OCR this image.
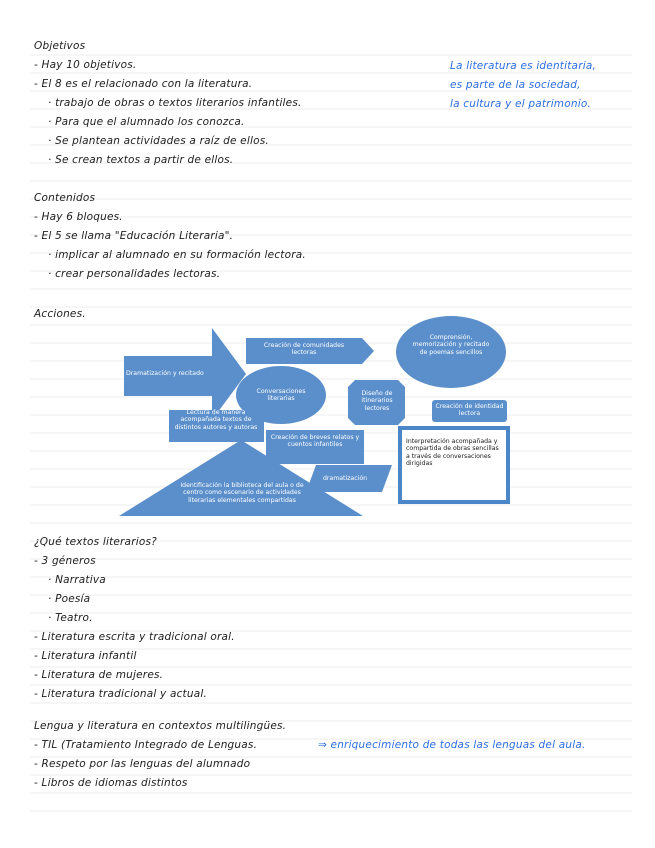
Objetivos
- Hay 10 objetivos.
- El 8 es el relacionado con la literatura.
· trabajo de obras o textos literarios infantiles.
· Para que el alumnado los conozca.
· Se plantean actividades a raíz de ellos.
· Se crean textos a partir de ellos.
La literatura es identitaria,
es parte de la sociedad,
la cultura y el patrimonio.
Contenidos
- Hay 6 bloques.
- El 5 se llama "Educación Literaria".
· implicar al alumnado en su formación lectora.
· crear personalidades lectoras.
Acciones.
Dramatización y recitado
Creación de comunidades lectoras
Comprensión, memorización y recitado de poemas sencillos
Conversaciones literarias
Diseño de itinerarios lectores	Creación de identidad lectora
Lectura de manera acompañada textos de distintos autores y autoras
Creación de breves relatos y cuentos infantiles	Interpretación acompañada y compartida de obras sencillas a través de conversaciones dirigidas
dramatización
Identificación la biblioteca del aula o de centro como escenario de actividades literarias elementales compartidas
¿Qué textos literarios?
- 3 géneros
· Narrativa
· Poesía
· Teatro.
- Literatura escrita y tradicional oral.
- Literatura infantil
- Literatura de mujeres.
- Literatura tradicional y actual.
Lengua y literatura en contextos multilingües.
- TIL (Tratamiento Integrado de Lenguas.	⇒ enriquecimiento de todas las lenguas del aula.
- Respeto por las lenguas del alumnado
- Libros de idiomas distintos
